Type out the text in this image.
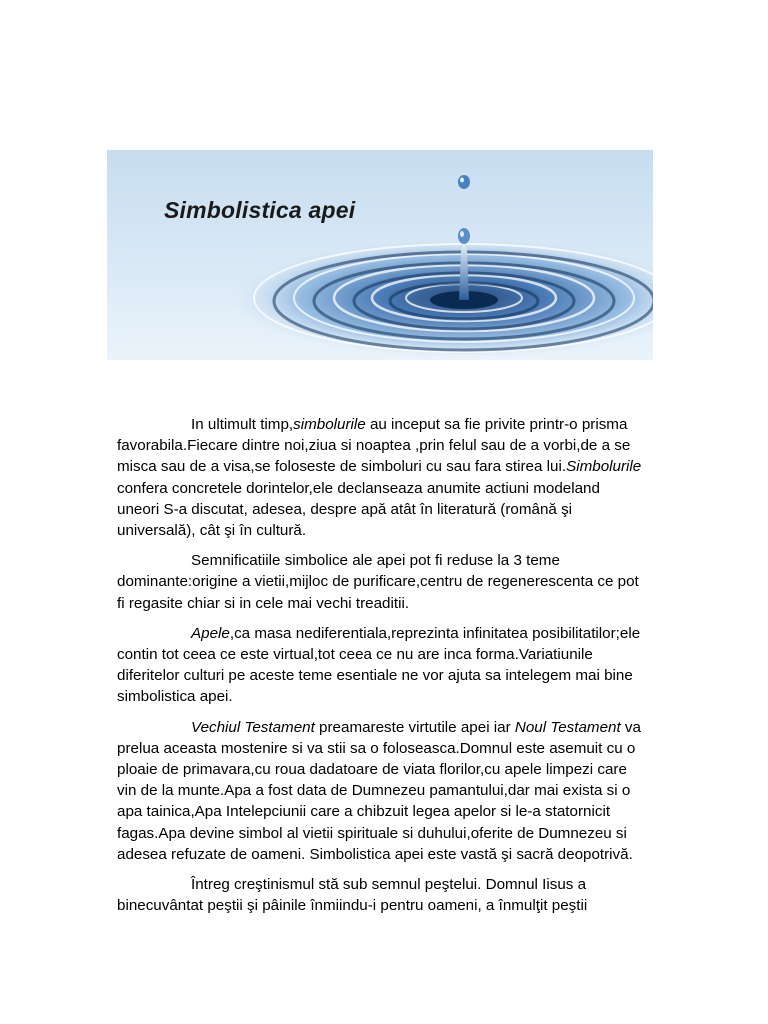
Simbolistica apei

In ultimult timp,simbolurile au inceput sa fie privite printr-o prisma favorabila.Fiecare dintre noi,ziua si noaptea ,prin felul sau de a vorbi,de a se misca sau de a visa,se foloseste de simboluri cu sau fara stirea lui.Simbolurile confera concretele dorintelor,ele declanseaza anumite actiuni modeland uneori S-a discutat, adesea, despre apă atât în literatură (română şi universală), cât şi în cultură.

Semnificatiile simbolice ale apei pot fi reduse la 3 teme dominante:origine a vietii,mijloc de purificare,centru de regenerescenta ce pot fi regasite chiar si in cele mai vechi treaditii.

Apele,ca masa nediferentiala,reprezinta infinitatea posibilitatilor;ele contin tot ceea ce este virtual,tot ceea ce nu are inca forma.Variatiunile diferitelor culturi pe aceste teme esentiale ne vor ajuta sa intelegem mai bine simbolistica apei.

Vechiul Testament preamareste virtutile apei iar Noul Testament va prelua aceasta mostenire si va stii sa o foloseasca.Domnul este asemuit cu o ploaie de primavara,cu roua dadatoare de viata florilor,cu apele limpezi care vin de la munte.Apa a fost data de Dumnezeu pamantului,dar mai exista si o apa tainica,Apa Intelepciunii care a chibzuit legea apelor si le-a statornicit fagas.Apa devine simbol al vietii spirituale si duhului,oferite de Dumnezeu si adesea refuzate de oameni. Simbolistica apei este vastă şi sacră deopotrivă.

Întreg creştinismul stă sub semnul peştelui. Domnul Iisus a binecuvântat peştii şi pâinile înmiindu-i pentru oameni, a înmulţit peştii
